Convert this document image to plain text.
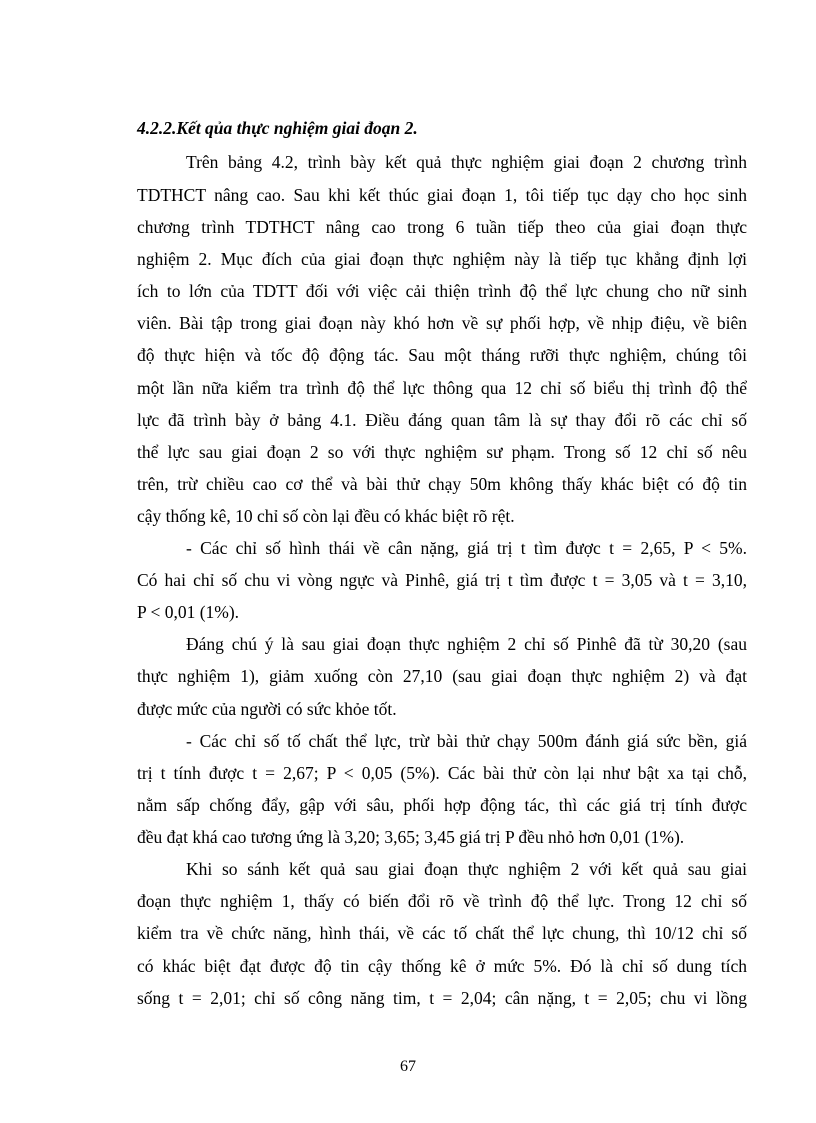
4.2.2.Kết qủa thực nghiệm giai đoạn 2.

Trên bảng 4.2, trình bày kết quả thực nghiệm giai đoạn 2 chương trình

TDTHCT nâng cao. Sau khi kết thúc giai đoạn 1, tôi tiếp tục dạy cho học sinh

chương trình TDTHCT nâng cao trong 6 tuần tiếp theo của giai đoạn thực

nghiệm 2. Mục đích của giai đoạn thực nghiệm này là tiếp tục khẳng định lợi

ích to lớn của TDTT đối với việc cải thiện trình độ thể lực chung cho nữ sinh

viên. Bài tập trong giai đoạn này khó hơn về sự phối hợp, về nhịp điệu, về biên

độ thực hiện và tốc độ động tác. Sau một tháng rưỡi thực nghiệm, chúng tôi

một lần nữa kiểm tra trình độ thể lực thông qua 12 chỉ số biểu thị trình độ thể

lực đã trình bày ở bảng 4.1. Điều đáng quan tâm là sự thay đổi rõ các chỉ số

thể lực sau giai đoạn 2 so với thực nghiệm sư phạm. Trong số 12 chỉ số nêu

trên, trừ chiều cao cơ thể và bài thử chạy 50m không thấy khác biệt có độ tin

cậy thống kê, 10 chỉ số còn lại đều có khác biệt rõ rệt.

- Các chỉ số hình thái về cân nặng, giá trị t tìm được t = 2,65, P < 5%.

Có hai chỉ số chu vi vòng ngực và Pinhê, giá trị t tìm được t = 3,05 và t = 3,10,

P < 0,01 (1%).

Đáng chú ý là sau giai đoạn thực nghiệm 2 chỉ số Pinhê đã từ 30,20 (sau

thực nghiệm 1), giảm xuống còn 27,10 (sau giai đoạn thực nghiệm 2) và đạt

được mức của người có sức khỏe tốt.

- Các chỉ số tố chất thể lực, trừ bài thử chạy 500m đánh giá sức bền, giá

trị t tính được t = 2,67; P < 0,05 (5%). Các bài thử còn lại như bật xa tại chỗ,

nằm sấp chống đẩy, gập với sâu, phối hợp động tác, thì các giá trị tính được

đều đạt khá cao tương ứng là 3,20; 3,65; 3,45 giá trị P đều nhỏ hơn 0,01 (1%).

Khi so sánh kết quả sau giai đoạn thực nghiệm 2 với kết quả sau giai

đoạn thực nghiệm 1, thấy có biến đổi rõ về trình độ thể lực. Trong 12 chỉ số

kiểm tra về chức năng, hình thái, về các tố chất thể lực chung, thì 10/12 chỉ số

có khác biệt đạt được độ tin cậy thống kê ở mức 5%. Đó là chỉ số dung tích

sống t = 2,01; chỉ số công năng tim, t = 2,04; cân nặng, t = 2,05; chu vi lồng

67
